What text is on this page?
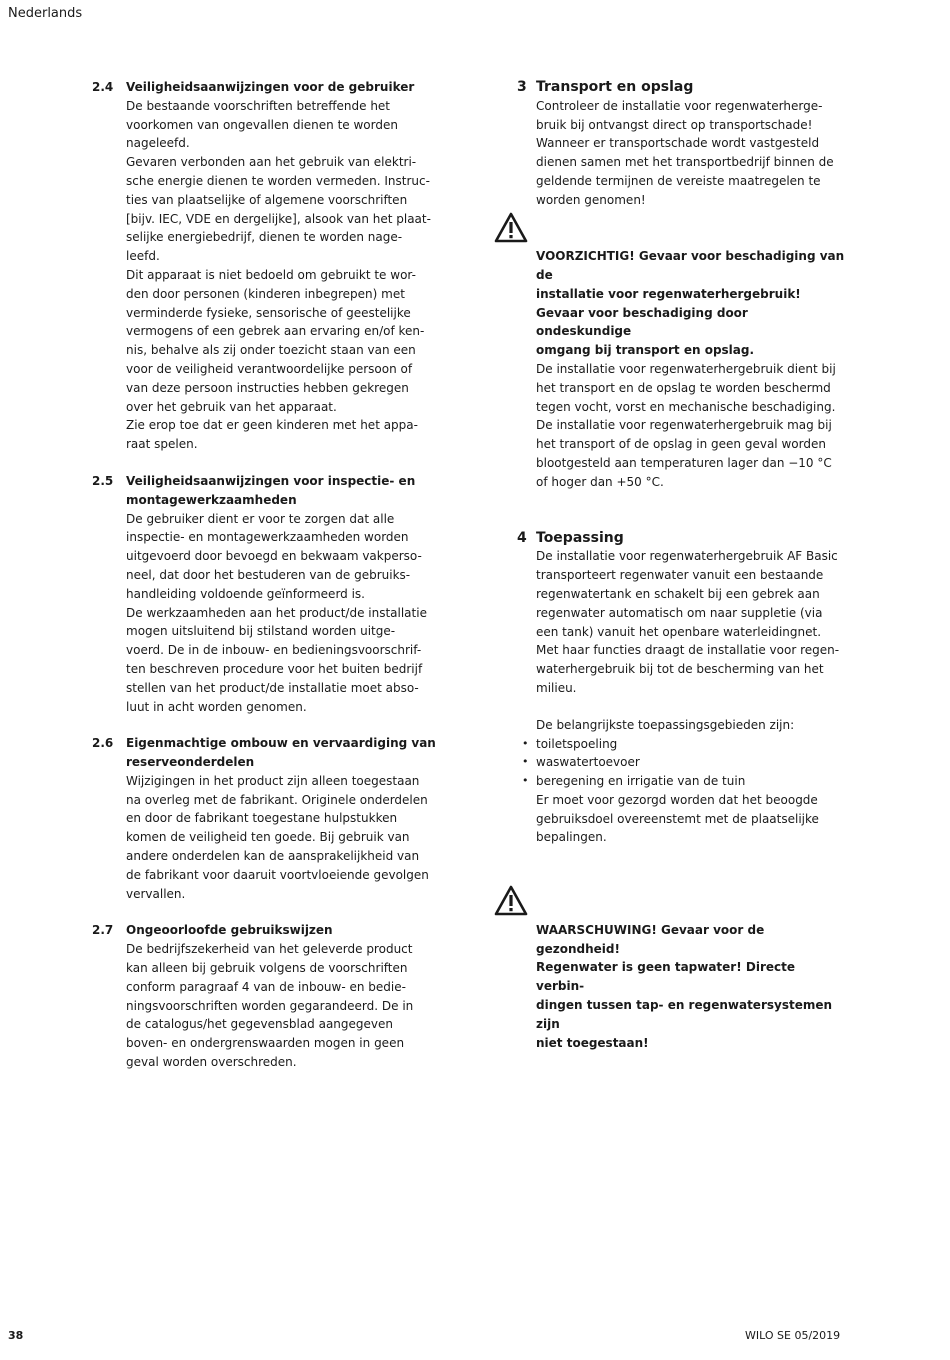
Nederlands
2.4 Veiligheidsaanwijzingen voor de gebruiker
De bestaande voorschriften betreffende het
voorkomen van ongevallen dienen te worden
nageleefd.
Gevaren verbonden aan het gebruik van elektri-
sche energie dienen te worden vermeden. Instruc-
ties van plaatselijke of algemene voorschriften
[bijv. IEC, VDE en dergelijke], alsook van het plaat-
selijke energiebedrijf, dienen te worden nage-
leefd.
Dit apparaat is niet bedoeld om gebruikt te wor-
den door personen (kinderen inbegrepen) met
verminderde fysieke, sensorische of geestelijke
vermogens of een gebrek aan ervaring en/of ken-
nis, behalve als zij onder toezicht staan van een
voor de veiligheid verantwoordelijke persoon of
van deze persoon instructies hebben gekregen
over het gebruik van het apparaat.
Zie erop toe dat er geen kinderen met het appa-
raat spelen.
2.5 Veiligheidsaanwijzingen voor inspectie- en
montagewerkzaamheden
De gebruiker dient er voor te zorgen dat alle
inspectie- en montagewerkzaamheden worden
uitgevoerd door bevoegd en bekwaam vakperso-
neel, dat door het bestuderen van de gebruiks-
handleiding voldoende geïnformeerd is.
De werkzaamheden aan het product/de installatie
mogen uitsluitend bij stilstand worden uitge-
voerd. De in de inbouw- en bedieningsvoorschrif-
ten beschreven procedure voor het buiten bedrijf
stellen van het product/de installatie moet abso-
luut in acht worden genomen.
2.6 Eigenmachtige ombouw en vervaardiging van
reserveonderdelen
Wijzigingen in het product zijn alleen toegestaan
na overleg met de fabrikant. Originele onderdelen
en door de fabrikant toegestane hulpstukken
komen de veiligheid ten goede. Bij gebruik van
andere onderdelen kan de aansprakelijkheid van
de fabrikant voor daaruit voortvloeiende gevolgen
vervallen.
2.7 Ongeoorloofde gebruikswijzen
De bedrijfszekerheid van het geleverde product
kan alleen bij gebruik volgens de voorschriften
conform paragraaf 4 van de inbouw- en bedie-
ningsvoorschriften worden gegarandeerd. De in
de catalogus/het gegevensblad aangegeven
boven- en ondergrenswaarden mogen in geen
geval worden overschreden.
3 Transport en opslag
Controleer de installatie voor regenwaterherge-
bruik bij ontvangst direct op transportschade!
Wanneer er transportschade wordt vastgesteld
dienen samen met het transportbedrijf binnen de
geldende termijnen de vereiste maatregelen te
worden genomen!

VOORZICHTIG! Gevaar voor beschadiging van de
installatie voor regenwaterhergebruik!
Gevaar voor beschadiging door ondeskundige
omgang bij transport en opslag.

De installatie voor regenwaterhergebruik dient bij
het transport en de opslag te worden beschermd
tegen vocht, vorst en mechanische beschadiging.
De installatie voor regenwaterhergebruik mag bij
het transport of de opslag in geen geval worden
blootgesteld aan temperaturen lager dan −10 °C
of hoger dan +50 °C.
4 Toepassing
De installatie voor regenwaterhergebruik AF Basic
transporteert regenwater vanuit een bestaande
regenwatertank en schakelt bij een gebrek aan
regenwater automatisch om naar suppletie (via
een tank) vanuit het openbare waterleidingnet.
Met haar functies draagt de installatie voor regen-
waterhergebruik bij tot de bescherming van het
milieu.
De belangrijkste toepassingsgebieden zijn:
• toiletspoeling
• waswatertoevoer
• beregening en irrigatie van de tuin
Er moet voor gezorgd worden dat het beoogde
gebruiksdoel overeenstemt met de plaatselijke
bepalingen.

WAARSCHUWING! Gevaar voor de gezondheid!
Regenwater is geen tapwater! Directe verbin-
dingen tussen tap- en regenwatersystemen zijn
niet toegestaan!

38	WILO SE 05/2019
